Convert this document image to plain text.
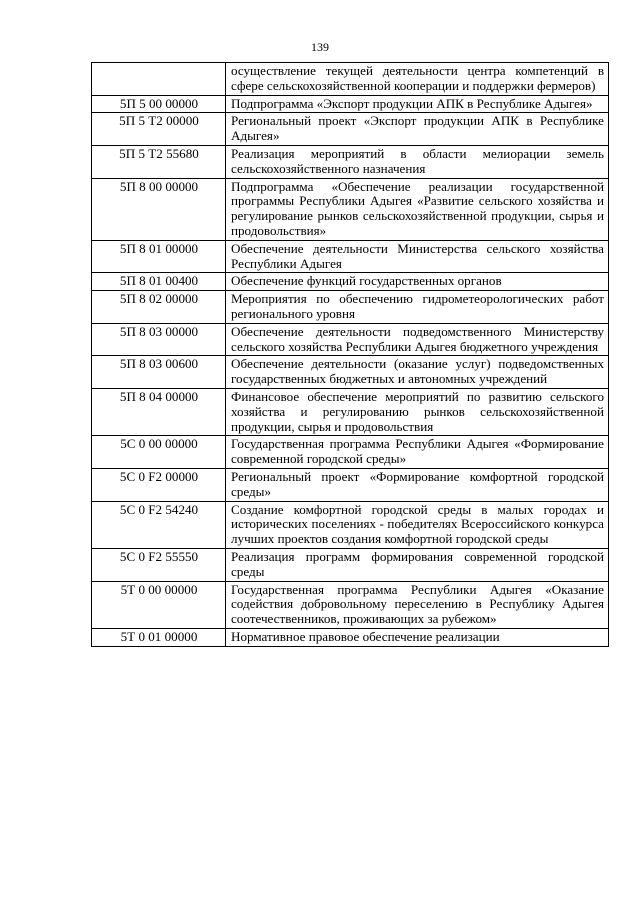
139
	осуществление текущей деятельности центра компетенций в сфере сельскохозяйственной кооперации и поддержки фермеров)
5П 5 00 00000	Подпрограмма «Экспорт продукции АПК в Республике Адыгея»
5П 5 Т2 00000	Региональный проект «Экспорт продукции АПК в Республике Адыгея»
5П 5 Т2 55680	Реализация мероприятий в области мелиорации земель сельскохозяйственного назначения
5П 8 00 00000	Подпрограмма «Обеспечение реализации государственной программы Республики Адыгея «Развитие сельского хозяйства и регулирование рынков сельскохозяйственной продукции, сырья и продовольствия»
5П 8 01 00000	Обеспечение деятельности Министерства сельского хозяйства Республики Адыгея
5П 8 01 00400	Обеспечение функций государственных органов
5П 8 02 00000	Мероприятия по обеспечению гидрометеорологических работ регионального уровня
5П 8 03 00000	Обеспечение деятельности подведомственного Министерству сельского хозяйства Республики Адыгея бюджетного учреждения
5П 8 03 00600	Обеспечение деятельности (оказание услуг) подведомственных государственных бюджетных и автономных учреждений
5П 8 04 00000	Финансовое обеспечение мероприятий по развитию сельского хозяйства и регулированию рынков сельскохозяйственной продукции, сырья и продовольствия
5С 0 00 00000	Государственная программа Республики Адыгея «Формирование современной городской среды»
5С 0 F2 00000	Региональный проект «Формирование комфортной городской среды»
5С 0 F2 54240	Создание комфортной городской среды в малых городах и исторических поселениях - победителях Всероссийского конкурса лучших проектов создания комфортной городской среды
5С 0 F2 55550	Реализация программ формирования современной городской среды
5Т 0 00 00000	Государственная программа Республики Адыгея «Оказание содействия добровольному переселению в Республику Адыгея соотечественников, проживающих за рубежом»
5Т 0 01 00000	Нормативное правовое обеспечение реализации
